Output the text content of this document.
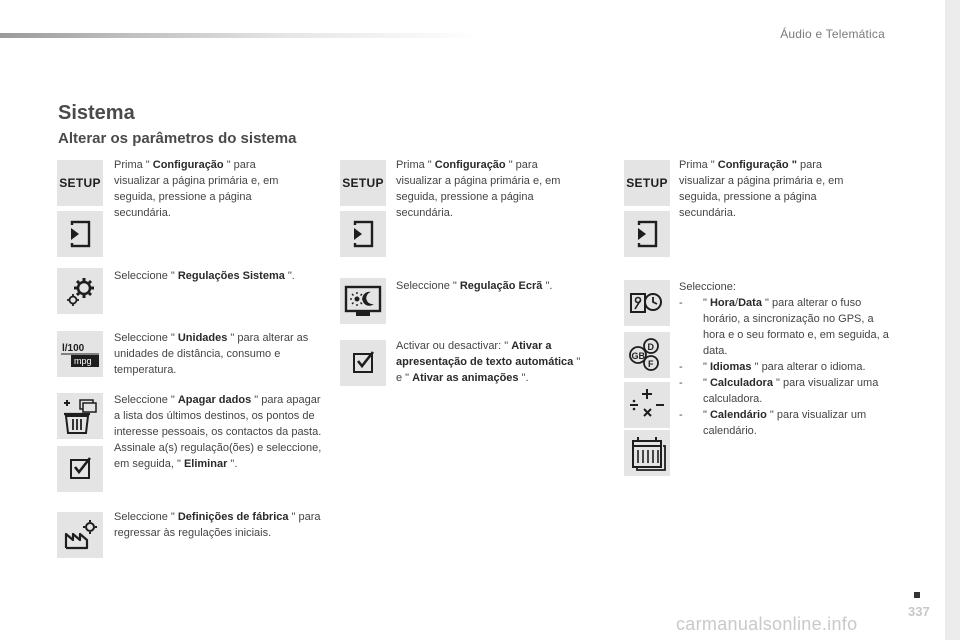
Áudio e Telemática
Sistema
Alterar os parâmetros do sistema
SETUP
Prima " Configuração " para visualizar a página primária e, em seguida, pressione a página secundária.
Seleccione " Regulações Sistema ".
l/100
mpg
Seleccione " Unidades " para alterar as unidades de distância, consumo e temperatura.
Seleccione " Apagar dados " para apagar a lista dos últimos destinos, os pontos de interesse pessoais, os contactos da pasta.
Assinale a(s) regulação(ões) e seleccione, em seguida, " Eliminar ".
Seleccione " Definições de fábrica " para regressar às regulações iniciais.
SETUP
Prima " Configuração " para visualizar a página primária e, em seguida, pressione a página secundária.
Seleccione " Regulação Ecrã ".
Activar ou desactivar: " Ativar a apresentação de texto automática " e " Ativar as animações ".
SETUP
Prima " Configuração " para visualizar a página primária e, em seguida, pressione a página secundária.
D
F
GB
Seleccione:
- " Hora/Data " para alterar o fuso horário, a sincronização no GPS, a hora e o seu formato e, em seguida, a data.
- " Idiomas " para alterar o idioma.
- " Calculadora " para visualizar uma calculadora.
- " Calendário " para visualizar um calendário.
337
carmanualsonline.info
